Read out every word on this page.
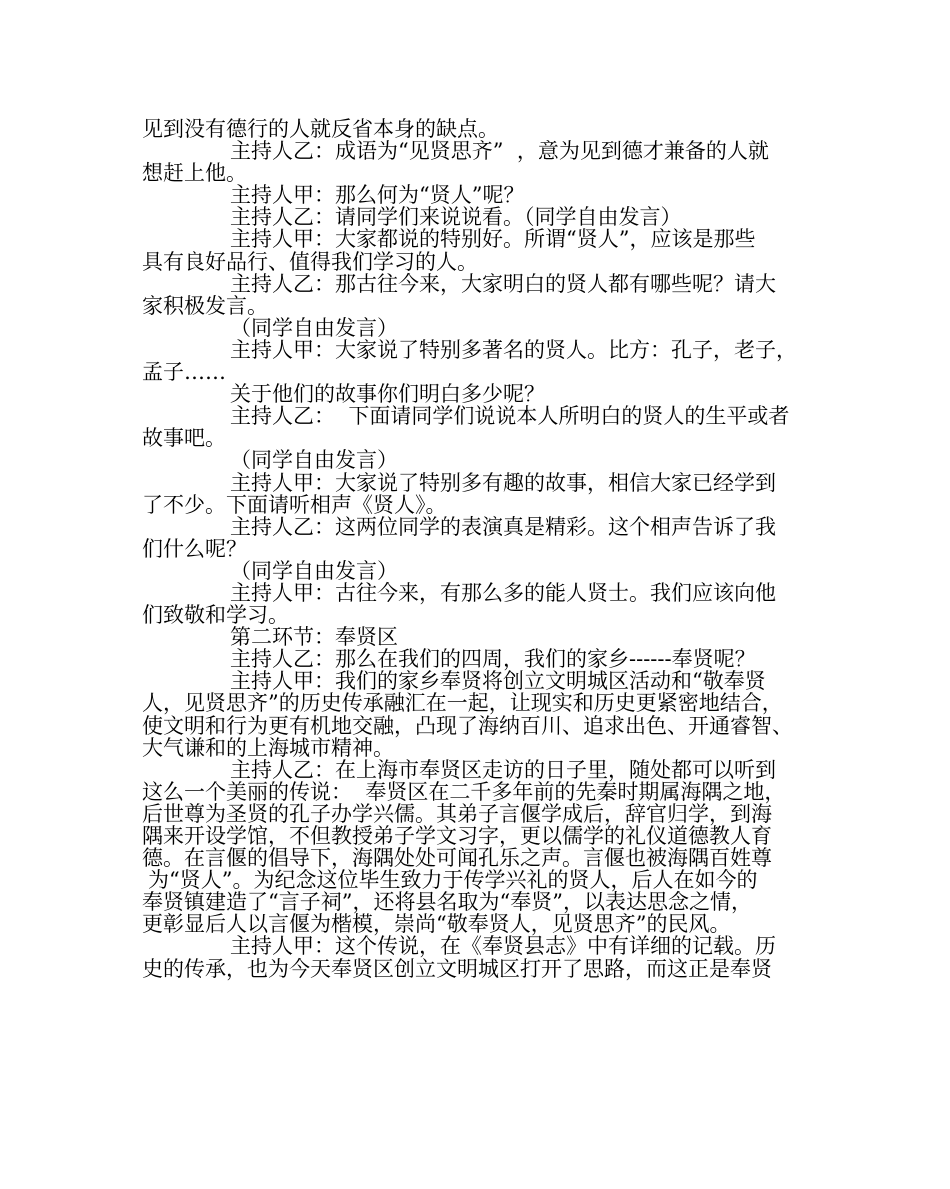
见到没有德行的人就反省本身的缺点。
主持人乙：成语为“见贤思齐”  ，意为见到德才兼备的人就
想赶上他。
主持人甲：那么何为“贤人”呢？
主持人乙：请同学们来说说看。（同学自由发言）
主持人甲：大家都说的特别好。所谓“贤人”，应该是那些
具有良好品行、值得我们学习的人。
主持人乙：那古往今来，大家明白的贤人都有哪些呢？请大
家积极发言。
（同学自由发言）
主持人甲：大家说了特别多著名的贤人。比方：孔子，老子，
孟子……
关于他们的故事你们明白多少呢？
主持人乙：  下面请同学们说说本人所明白的贤人的生平或者
故事吧。
（同学自由发言）
主持人甲：大家说了特别多有趣的故事，相信大家已经学到
了不少。下面请听相声《贤人》。
主持人乙：这两位同学的表演真是精彩。这个相声告诉了我
们什么呢？
（同学自由发言）
主持人甲：古往今来，有那么多的能人贤士。我们应该向他
们致敬和学习。
第二环节：奉贤区
主持人乙：那么在我们的四周，我们的家乡------奉贤呢？
主持人甲：我们的家乡奉贤将创立文明城区活动和“敬奉贤
人，见贤思齐”的历史传承融汇在一起，让现实和历史更紧密地结合，
使文明和行为更有机地交融，凸现了海纳百川、追求出色、开通睿智、
大气谦和的上海城市精神。
主持人乙：在上海市奉贤区走访的日子里，随处都可以听到
这么一个美丽的传说：  奉贤区在二千多年前的先秦时期属海隅之地，
后世尊为圣贤的孔子办学兴儒。其弟子言偃学成后，辞官归学，到海
隅来开设学馆，不但教授弟子学文习字，更以儒学的礼仪道德教人育
德。在言偃的倡导下，海隅处处可闻孔乐之声。言偃也被海隅百姓尊
为“贤人”。为纪念这位毕生致力于传学兴礼的贤人，后人在如今的
奉贤镇建造了“言子祠”，还将县名取为“奉贤”，以表达思念之情，
更彰显后人以言偃为楷模，崇尚“敬奉贤人，见贤思齐”的民风。
主持人甲：这个传说，在《奉贤县志》中有详细的记载。历
史的传承，也为今天奉贤区创立文明城区打开了思路，而这正是奉贤
